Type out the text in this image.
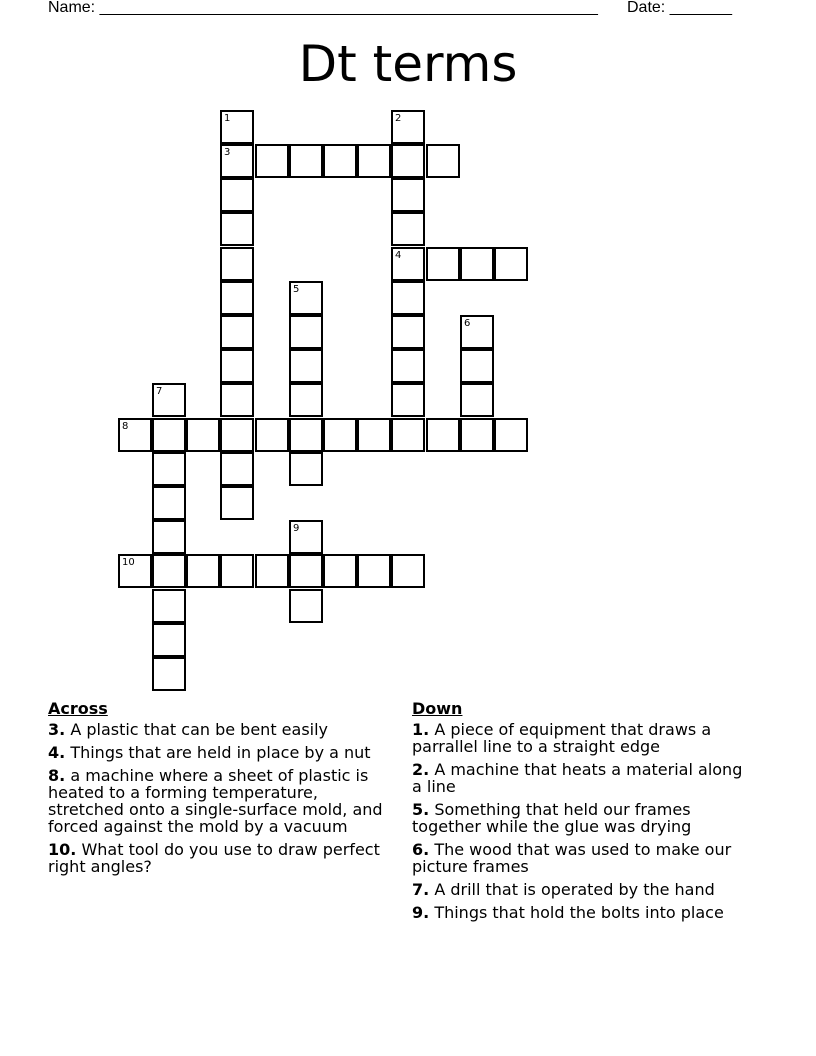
Name: ________________________________________________________ Date: _______
Dt terms
1	2
3
4
5
6
7
8
9
10
Across
3. A plastic that can be bent easily
4. Things that are held in place by a nut
8. a machine where a sheet of plastic is heated to a forming temperature, stretched onto a single-surface mold, and forced against the mold by a vacuum
10. What tool do you use to draw perfect right angles?
Down
1. A piece of equipment that draws a parrallel line to a straight edge
2. A machine that heats a material along a line
5. Something that held our frames together while the glue was drying
6. The wood that was used to make our picture frames
7. A drill that is operated by the hand
9. Things that hold the bolts into place
